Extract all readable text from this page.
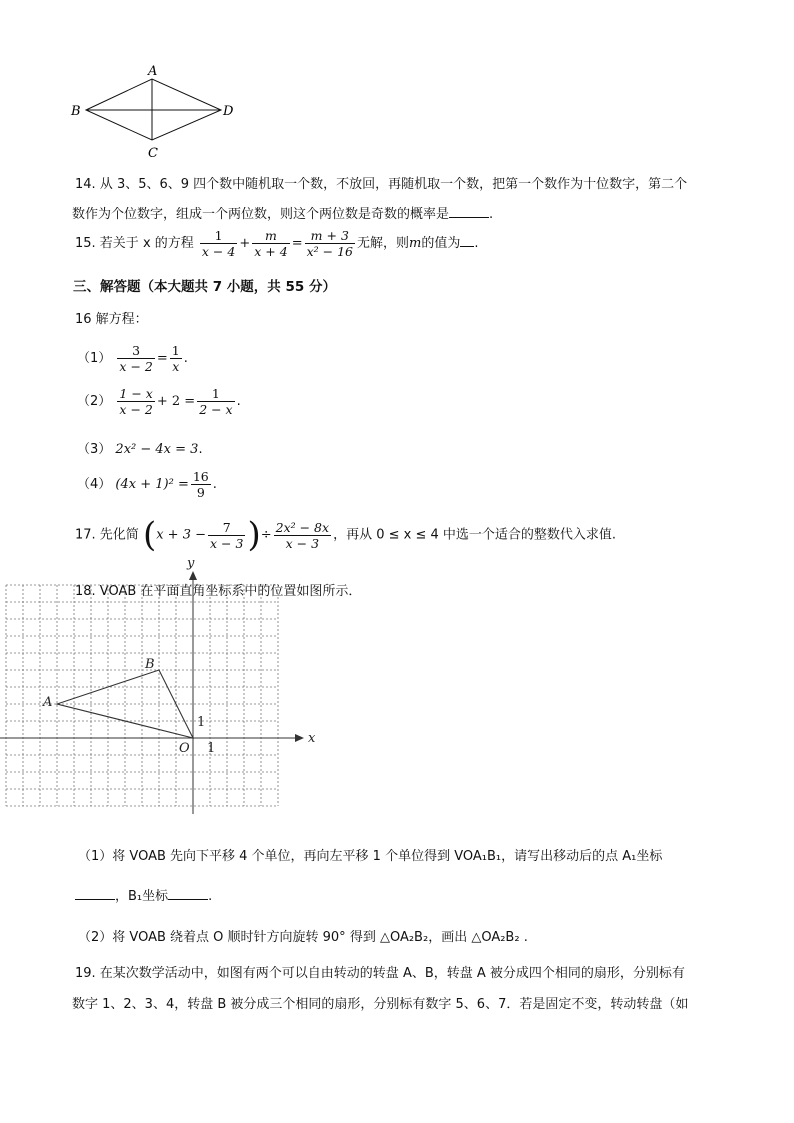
A
B	D
C
14. 从 3、5、6、9 四个数中随机取一个数，不放回，再随机取一个数，把第一个数作为十位数字，第二个
数作为个位数字，组成一个两位数，则这个两位数是奇数的概率是	.
15. 若关于 x 的方程 $\frac{1}{x - 4} + \frac{m}{x + 4} = \frac{m + 3}{\text{x² − 16}}$ 无解，则m的值为 .
三、解答题（本大题共 7 小题，共 55 分）
16 解方程：
$(1) \frac{3}{x - 2} = \frac{1}{x}$ .
$(2) \frac{1 - x}{x - 2} + 2 = \frac{1}{2 - x}$ .
（3） 2x² − 4x = 3.
（4） $(4x + 1)^2 = \frac{16}{9}$ .
17. 先化简 ($x + 3 - \frac{7}{x - 3}$ )÷ $\frac{\text{2x² − 8x}}{x - 3}$ ，再从 0 ≤ x ≤ 4 中选一个适合的整数代入求值.
18. VOAB 在平面直角坐标系中的位置如图所示．
x
y
O 1
1
A
B
（1）将 VOAB 先向下平移 4 个单位，再向左平移 1 个单位得到 VOA₁B₁，请写出移动后的点 A₁坐标
，B₁坐标	.
（2）将 VOAB 绕着点 O 顺时针方向旋转 90° 得到 △OA₂B₂，画出 △OA₂B₂ .
19. 在某次数学活动中，如图有两个可以自由转动的转盘 A、B，转盘 A 被分成四个相同的扇形，分别标有
数字 1、2、3、4，转盘 B 被分成三个相同的扇形，分别标有数字 5、6、7．若是固定不变，转动转盘（如
